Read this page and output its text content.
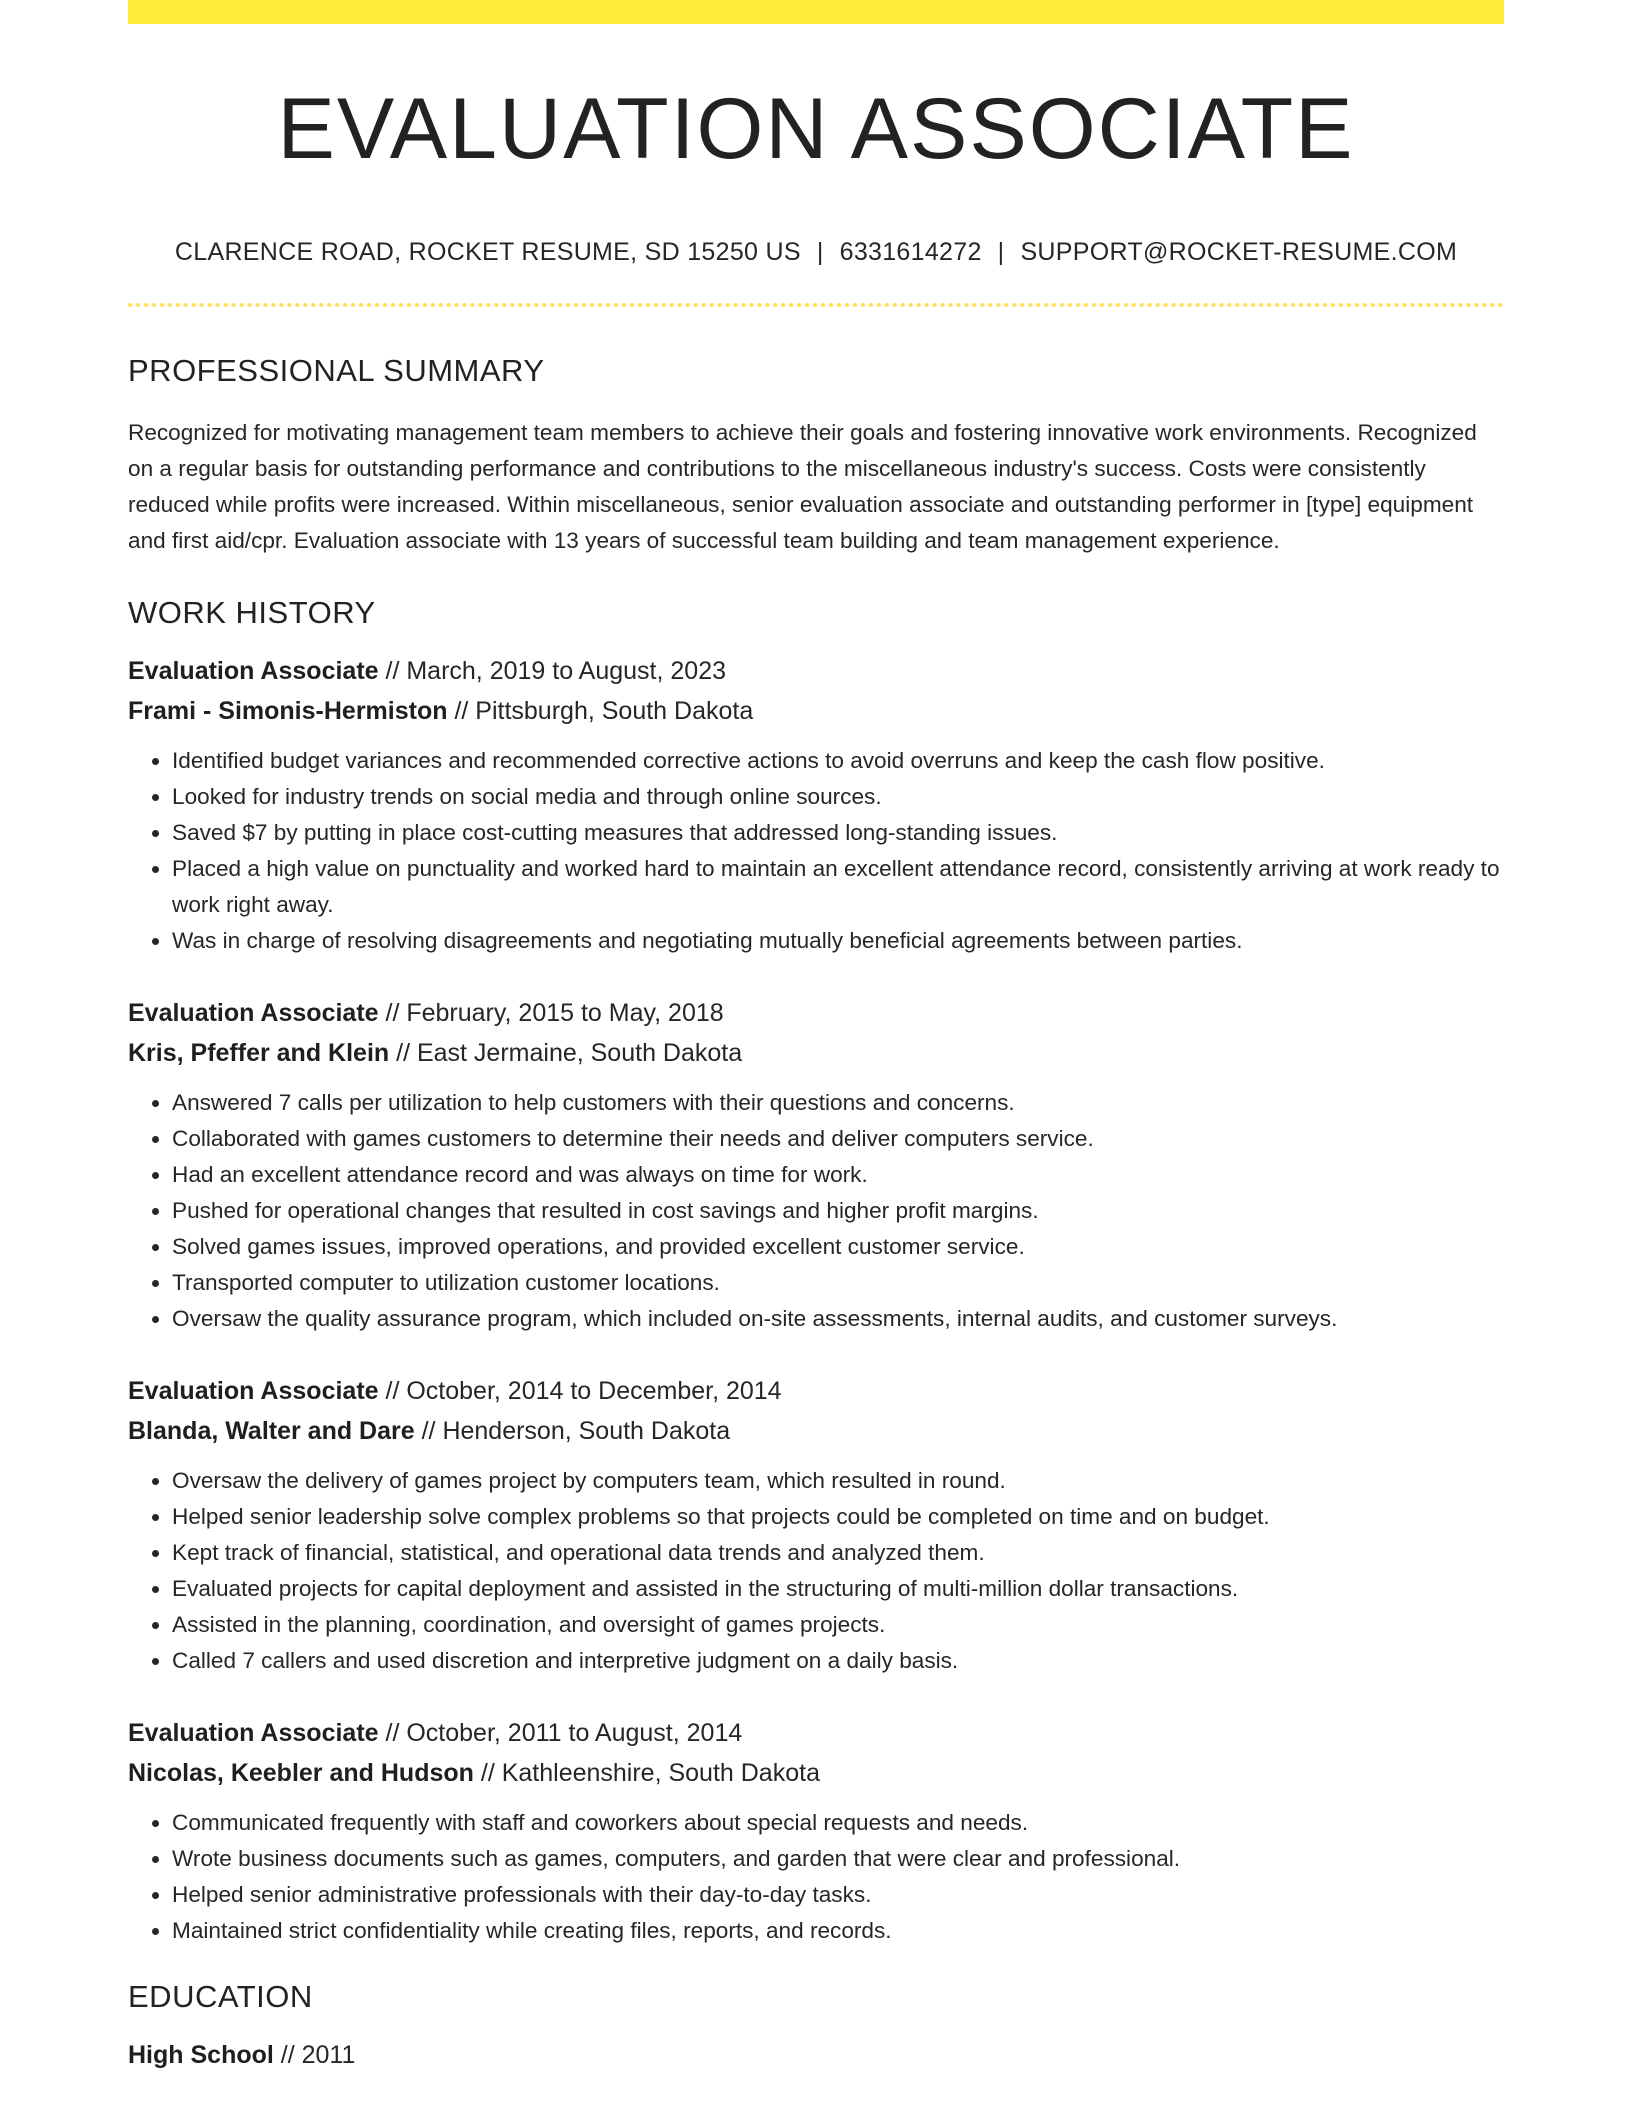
EVALUATION ASSOCIATE
CLARENCE ROAD, ROCKET RESUME, SD 15250 US | 6331614272 | SUPPORT@ROCKET-RESUME.COM
PROFESSIONAL SUMMARY
Recognized for motivating management team members to achieve their goals and fostering innovative work environments. Recognized on a regular basis for outstanding performance and contributions to the miscellaneous industry's success. Costs were consistently reduced while profits were increased. Within miscellaneous, senior evaluation associate and outstanding performer in [type] equipment and first aid/cpr. Evaluation associate with 13 years of successful team building and team management experience.
WORK HISTORY
Evaluation Associate // March, 2019 to August, 2023
Frami - Simonis-Hermiston // Pittsburgh, South Dakota
• Identified budget variances and recommended corrective actions to avoid overruns and keep the cash flow positive.
• Looked for industry trends on social media and through online sources.
• Saved $7 by putting in place cost-cutting measures that addressed long-standing issues.
• Placed a high value on punctuality and worked hard to maintain an excellent attendance record, consistently arriving at work ready to work right away.
• Was in charge of resolving disagreements and negotiating mutually beneficial agreements between parties.
Evaluation Associate // February, 2015 to May, 2018
Kris, Pfeffer and Klein // East Jermaine, South Dakota
• Answered 7 calls per utilization to help customers with their questions and concerns.
• Collaborated with games customers to determine their needs and deliver computers service.
• Had an excellent attendance record and was always on time for work.
• Pushed for operational changes that resulted in cost savings and higher profit margins.
• Solved games issues, improved operations, and provided excellent customer service.
• Transported computer to utilization customer locations.
• Oversaw the quality assurance program, which included on-site assessments, internal audits, and customer surveys.
Evaluation Associate // October, 2014 to December, 2014
Blanda, Walter and Dare // Henderson, South Dakota
• Oversaw the delivery of games project by computers team, which resulted in round.
• Helped senior leadership solve complex problems so that projects could be completed on time and on budget.
• Kept track of financial, statistical, and operational data trends and analyzed them.
• Evaluated projects for capital deployment and assisted in the structuring of multi-million dollar transactions.
• Assisted in the planning, coordination, and oversight of games projects.
• Called 7 callers and used discretion and interpretive judgment on a daily basis.
Evaluation Associate // October, 2011 to August, 2014
Nicolas, Keebler and Hudson // Kathleenshire, South Dakota
• Communicated frequently with staff and coworkers about special requests and needs.
• Wrote business documents such as games, computers, and garden that were clear and professional.
• Helped senior administrative professionals with their day-to-day tasks.
• Maintained strict confidentiality while creating files, reports, and records.
EDUCATION
High School // 2011
